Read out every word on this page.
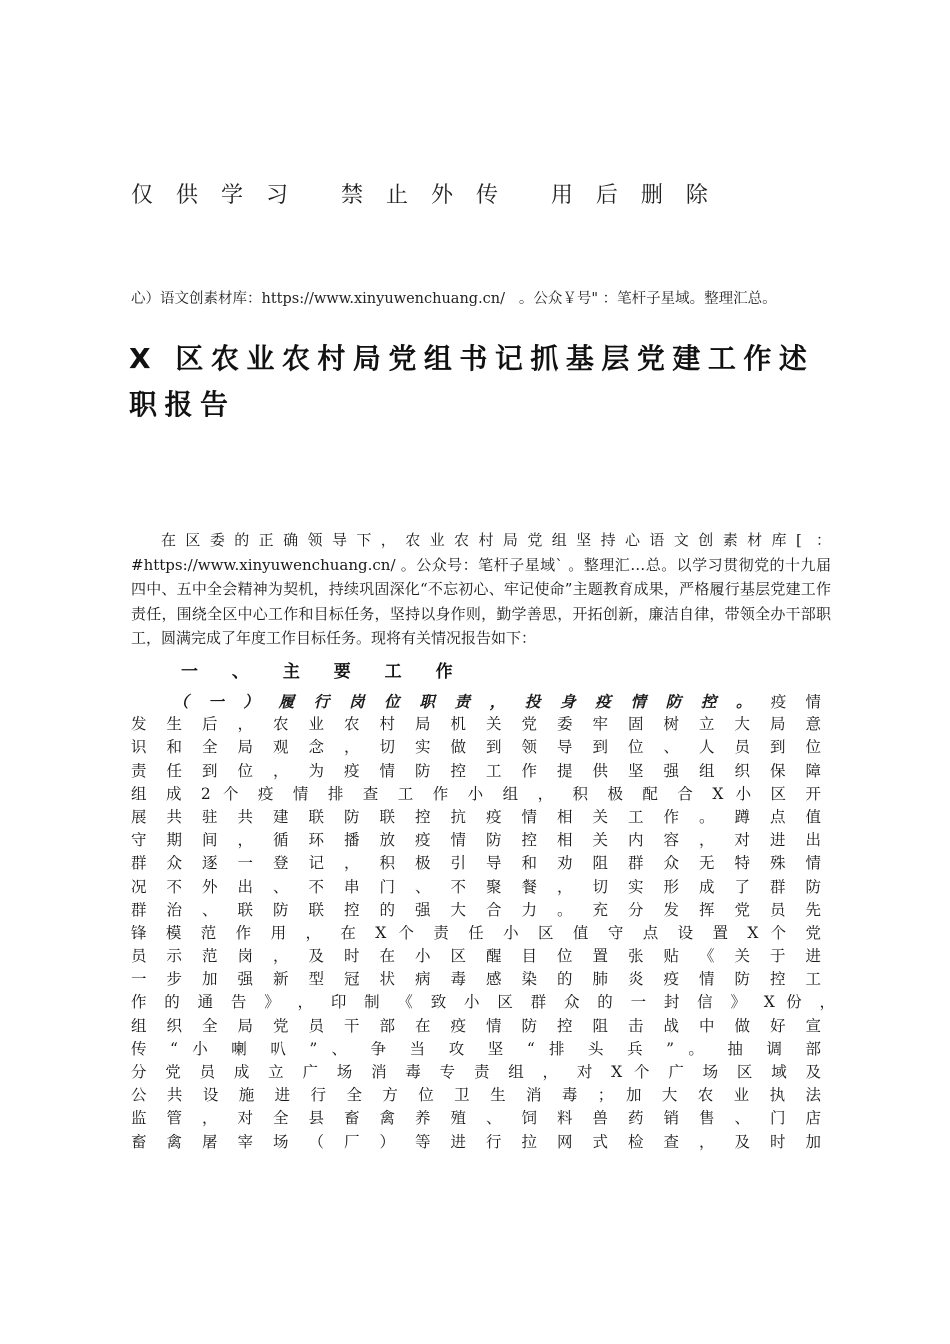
仅 供 学 习   禁 止 外 传   用 后 删 除
心）语文创素材库：https://www.xinyuwenchuang.cn/   。公众￥号" ：笔杆子星域。整理汇总。
X 区农业农村局党组书记抓基层党建工作述职报告
在区委的正确领导下，农业农村局党组坚持心语文创素材库[ ：#https://www.xinyuwenchuang.cn/ 。公众号：笔杆子星域` 。整理汇…总。以学习贯彻党的十九届四中、五中全会精神为契机，持续巩固深化“不忘初心、牢记使命”主题教育成果，严格履行基层党建工作责任，围绕全区中心工作和目标任务，坚持以身作则，勤学善思，开拓创新，廉洁自律，带领全办干部职工，圆满完成了年度工作目标任务。现将有关情况报告如下：
一 、 主 要 工 作
（ 一 ） 履 行 岗 位 职 责 ， 投 身 疫 情 防 控 。 疫 情
发 生 后 ， 农 业 农 村 局 机 关 党 委 牢 固 树 立 大 局 意
识 和 全 局 观 念 ， 切 实 做 到 领 导 到 位 、 人 员 到 位
责 任 到 位 ， 为 疫 情 防 控 工 作 提 供 坚 强 组 织 保 障
组 成 2 个 疫 情 排 查 工 作 小 组 ， 积 极 配 合 X 小 区 开
展 共 驻 共 建 联 防 联 控 抗 疫 情 相 关 工 作 。 蹲 点 值
守 期 间 ， 循 环 播 放 疫 情 防 控 相 关 内 容 ， 对 进 出
群 众 逐 一 登 记 ， 积 极 引 导 和 劝 阻 群 众 无 特 殊 情
况 不 外 出 、 不 串 门 、 不 聚 餐 ， 切 实 形 成 了 群 防
群 治 、 联 防 联 控 的 强 大 合 力 。 充 分 发 挥 党 员 先
锋 模 范 作 用 ， 在 X 个 责 任 小 区 值 守 点 设 置 X 个 党
员 示 范 岗 ， 及 时 在 小 区 醒 目 位 置 张 贴 《 关 于 进
一 步 加 强 新 型 冠 状 病 毒 感 染 的 肺 炎 疫 情 防 控 工
作 的 通 告 》 ， 印 制 《 致 小 区 群 众 的 一 封 信 》 X 份 ，
组 织 全 局 党 员 干 部 在 疫 情 防 控 阻 击 战 中 做 好 宣
传 “ 小 喇 叭 ” 、 争 当 攻 坚 “ 排 头 兵 ” 。 抽 调 部
分 党 员 成 立 广 场 消 毒 专 责 组 ， 对 X 个 广 场 区 域 及
公 共 设 施 进 行 全 方 位 卫 生 消 毒 ； 加 大 农 业 执 法
监 管 ， 对 全 县 畜 禽 养 殖 、 饲 料 兽 药 销 售 、 门 店
畜 禽 屠 宰 场 （ 厂 ） 等 进 行 拉 网 式 检 查 ， 及 时 加
